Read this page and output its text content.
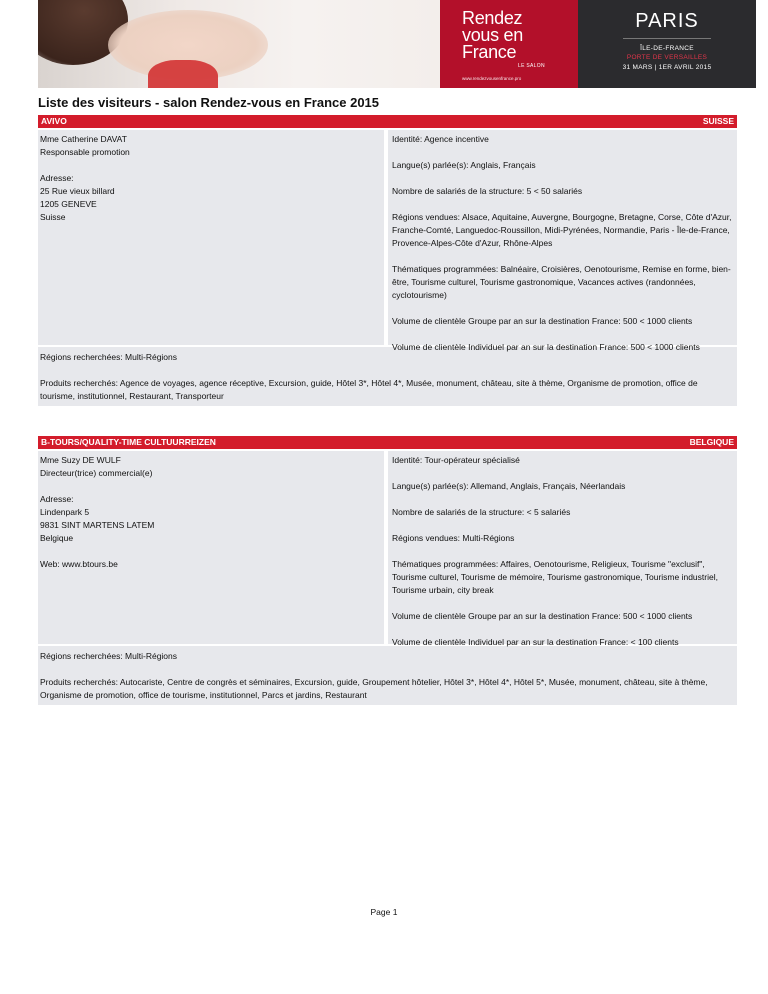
Rendez
vous en
France
LE SALON
www.rendezvousenfrance.pro
PARIS
ÎLE-DE-FRANCE
PORTE DE VERSAILLES
31 MARS | 1ER AVRIL 2015
Liste des visiteurs - salon Rendez-vous en France 2015
AVIVO	SUISSE
Mme Catherine DAVAT
Responsable promotion
Adresse:
25 Rue vieux billard
1205 GENEVE
Suisse
Identité: Agence incentive
Langue(s) parlée(s): Anglais, Français
Nombre de salariés de la structure: 5 < 50 salariés
Régions vendues: Alsace, Aquitaine, Auvergne, Bourgogne, Bretagne, Corse, Côte d'Azur, Franche-Comté, Languedoc-Roussillon, Midi-Pyrénées, Normandie, Paris - Île-de-France, Provence-Alpes-Côte d'Azur, Rhône-Alpes
Thématiques programmées: Balnéaire, Croisières, Oenotourisme, Remise en forme, bien-être, Tourisme culturel, Tourisme gastronomique, Vacances actives (randonnées, cyclotourisme)
Volume de clientèle Groupe par an sur la destination France: 500 < 1000 clients
Volume de clientèle Individuel par an sur la destination France: 500 < 1000 clients
Régions recherchées: Multi-Régions
Produits recherchés: Agence de voyages, agence réceptive, Excursion, guide, Hôtel 3*, Hôtel 4*, Musée, monument, château, site à thème, Organisme de promotion, office de tourisme, institutionnel, Restaurant, Transporteur
B-TOURS/QUALITY-TIME CULTUURREIZEN	BELGIQUE
Mme Suzy DE WULF
Directeur(trice) commercial(e)
Adresse:
Lindenpark 5
9831 SINT MARTENS LATEM
Belgique
Web: www.btours.be
Identité: Tour-opérateur spécialisé
Langue(s) parlée(s): Allemand, Anglais, Français, Néerlandais
Nombre de salariés de la structure: < 5 salariés
Régions vendues: Multi-Régions
Thématiques programmées: Affaires, Oenotourisme, Religieux, Tourisme "exclusif", Tourisme culturel, Tourisme de mémoire, Tourisme gastronomique, Tourisme industriel, Tourisme urbain, city break
Volume de clientèle Groupe par an sur la destination France: 500 < 1000 clients
Volume de clientèle Individuel par an sur la destination France: < 100 clients
Régions recherchées: Multi-Régions
Produits recherchés: Autocariste, Centre de congrès et séminaires, Excursion, guide, Groupement hôtelier, Hôtel 3*, Hôtel 4*, Hôtel 5*, Musée, monument, château, site à thème, Organisme de promotion, office de tourisme, institutionnel, Parcs et jardins, Restaurant
Page 1
